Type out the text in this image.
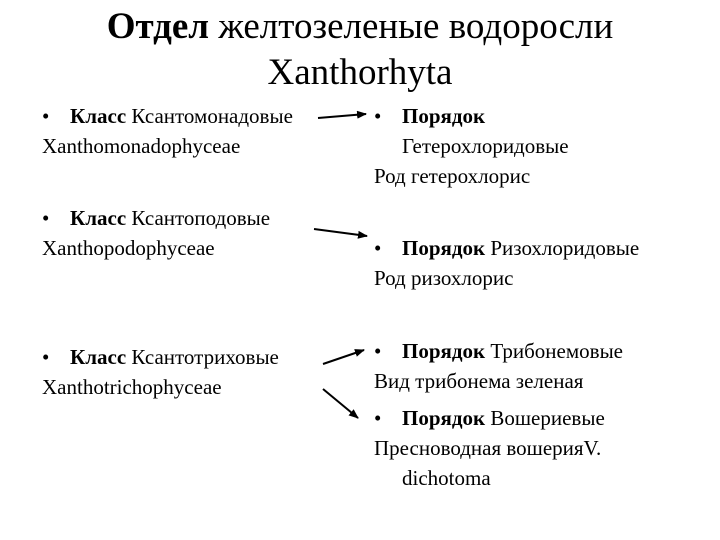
Отдел желтозеленые водоросли
Xanthorhyta
• Класс Ксантомонадовые
Xanthomonadophyceae
• Класс Ксантоподовые
Xanthopodophyceae
• Класс Ксантотриховые
Xanthotrichophyceae
• Порядок
Гетерохлоридовые
Род гетерохлорис
• Порядок Ризохлоридовые
Род ризохлорис
• Порядок Трибонемовые
Вид трибонема зеленая
• Порядок Вошериевые
Пресноводная вошерияV.
dichotoma
